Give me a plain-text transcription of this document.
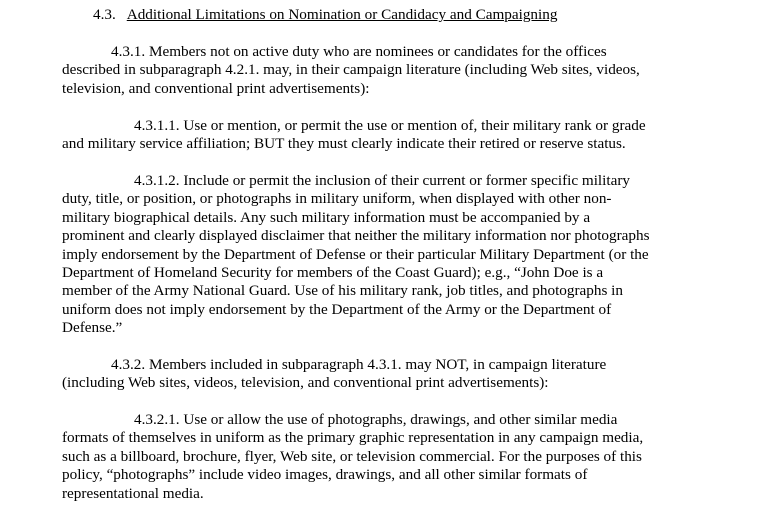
4.3. Additional Limitations on Nomination or Candidacy and Campaigning
4.3.1. Members not on active duty who are nominees or candidates for the offices
described in subparagraph 4.2.1. may, in their campaign literature (including Web sites, videos,
television, and conventional print advertisements):
4.3.1.1. Use or mention, or permit the use or mention of, their military rank or grade
and military service affiliation; BUT they must clearly indicate their retired or reserve status.
4.3.1.2. Include or permit the inclusion of their current or former specific military
duty, title, or position, or photographs in military uniform, when displayed with other non-
military biographical details. Any such military information must be accompanied by a
prominent and clearly displayed disclaimer that neither the military information nor photographs
imply endorsement by the Department of Defense or their particular Military Department (or the
Department of Homeland Security for members of the Coast Guard); e.g., “John Doe is a
member of the Army National Guard. Use of his military rank, job titles, and photographs in
uniform does not imply endorsement by the Department of the Army or the Department of
Defense.”
4.3.2. Members included in subparagraph 4.3.1. may NOT, in campaign literature
(including Web sites, videos, television, and conventional print advertisements):
4.3.2.1. Use or allow the use of photographs, drawings, and other similar media
formats of themselves in uniform as the primary graphic representation in any campaign media,
such as a billboard, brochure, flyer, Web site, or television commercial. For the purposes of this
policy, “photographs” include video images, drawings, and all other similar formats of
representational media.
